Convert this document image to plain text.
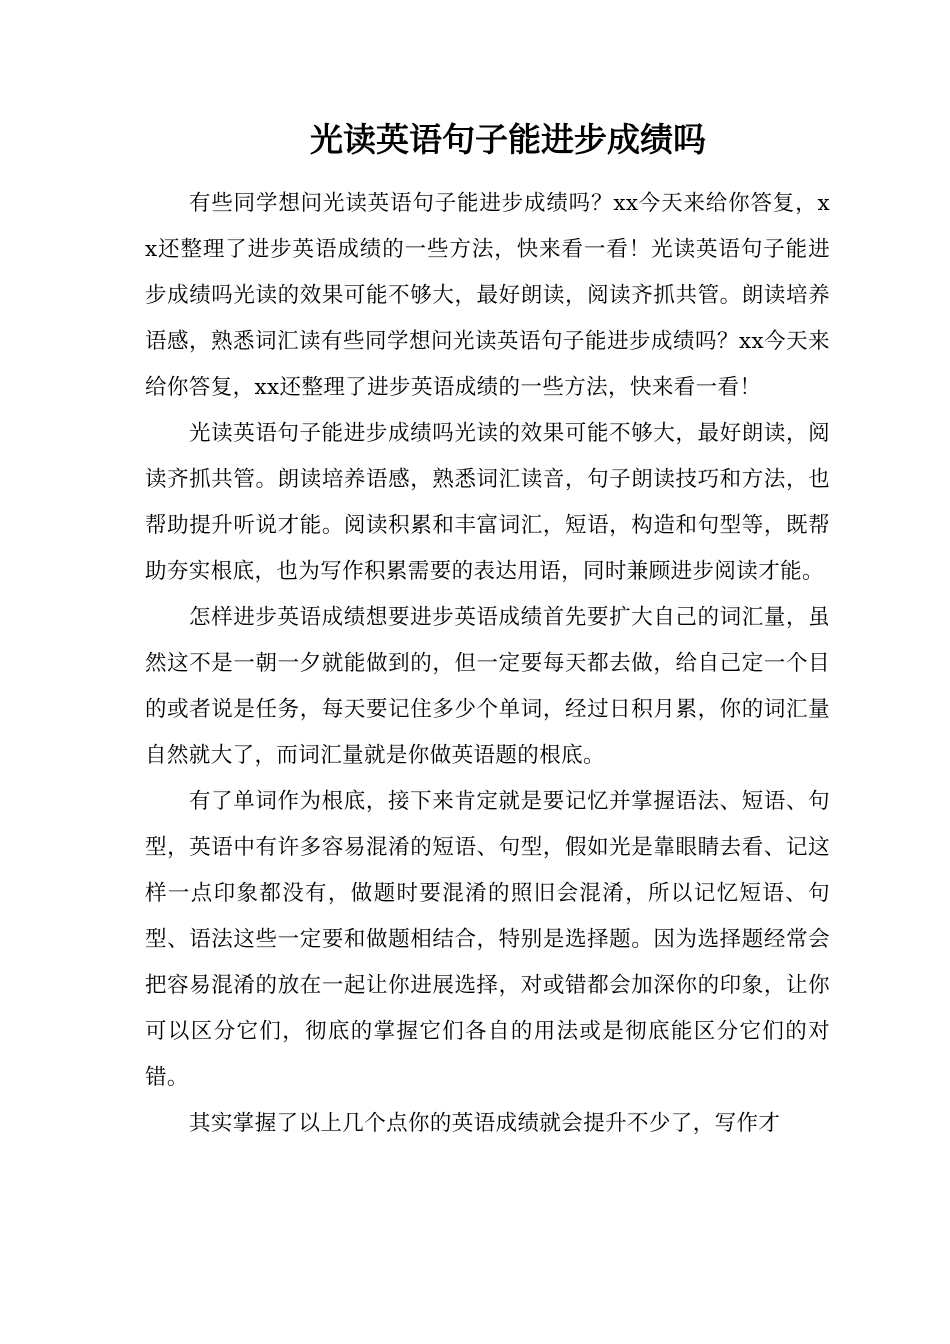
光读英语句子能进步成绩吗

有些同学想问光读英语句子能进步成绩吗？xx今天来给你答复，xx还整理了进步英语成绩的一些方法，快来看一看！光读英语句子能进步成绩吗光读的效果可能不够大，最好朗读，阅读齐抓共管。朗读培养语感，熟悉词汇读有些同学想问光读英语句子能进步成绩吗？xx今天来给你答复，xx还整理了进步英语成绩的一些方法，快来看一看！

光读英语句子能进步成绩吗光读的效果可能不够大，最好朗读，阅读齐抓共管。朗读培养语感，熟悉词汇读音，句子朗读技巧和方法，也帮助提升听说才能。阅读积累和丰富词汇，短语，构造和句型等，既帮助夯实根底，也为写作积累需要的表达用语，同时兼顾进步阅读才能。

怎样进步英语成绩想要进步英语成绩首先要扩大自己的词汇量，虽然这不是一朝一夕就能做到的，但一定要每天都去做，给自己定一个目的或者说是任务，每天要记住多少个单词，经过日积月累，你的词汇量自然就大了，而词汇量就是你做英语题的根底。

有了单词作为根底，接下来肯定就是要记忆并掌握语法、短语、句型，英语中有许多容易混淆的短语、句型，假如光是靠眼睛去看、记这样一点印象都没有，做题时要混淆的照旧会混淆，所以记忆短语、句型、语法这些一定要和做题相结合，特别是选择题。因为选择题经常会把容易混淆的放在一起让你进展选择，对或错都会加深你的印象，让你可以区分它们，彻底的掌握它们各自的用法或是彻底能区分它们的对错。

其实掌握了以上几个点你的英语成绩就会提升不少了，写作才
